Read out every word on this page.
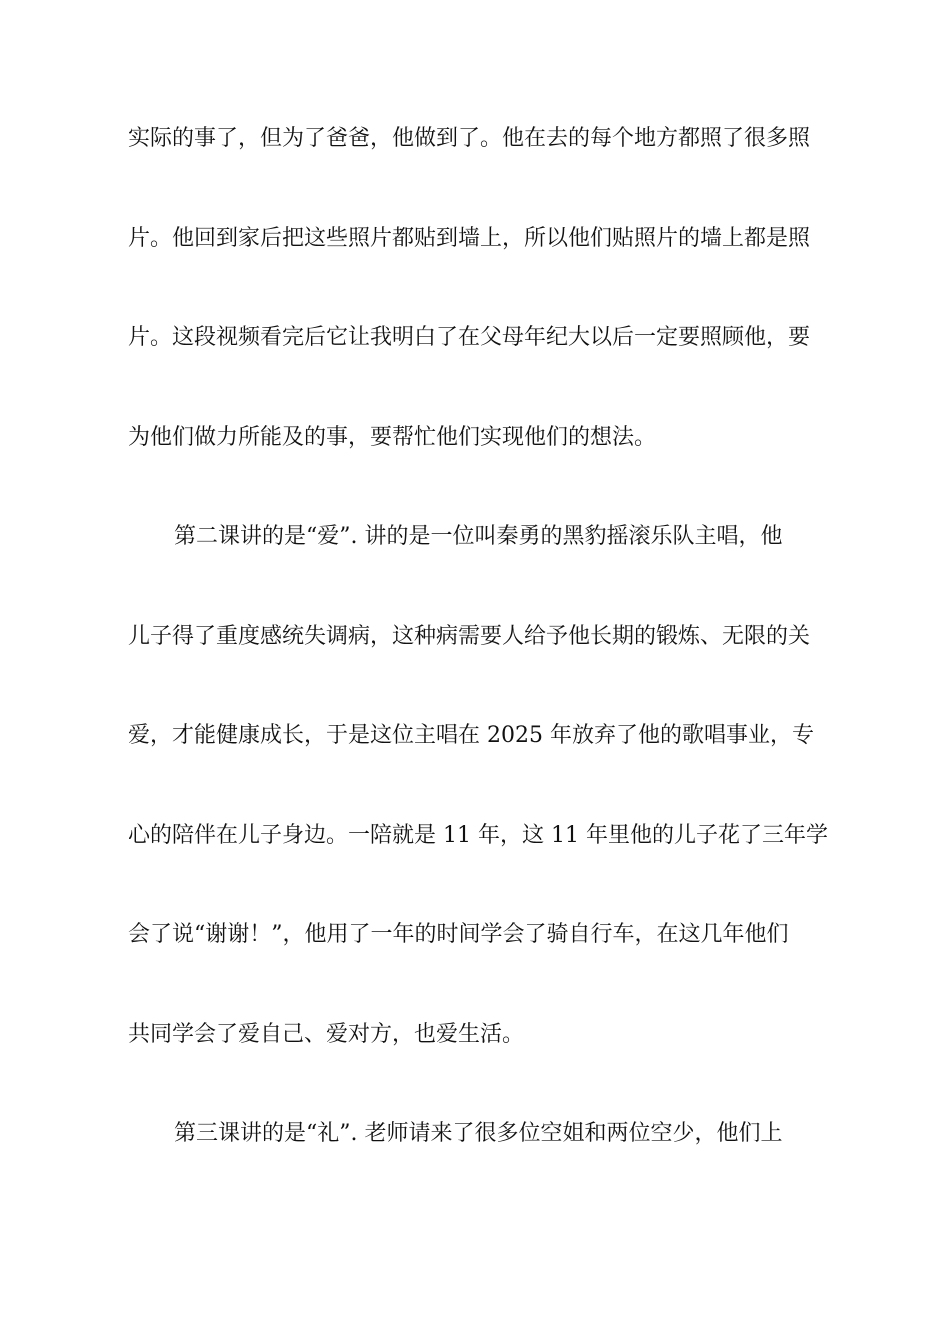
实际的事了，但为了爸爸，他做到了。他在去的每个地方都照了很多照
片。他回到家后把这些照片都贴到墙上，所以他们贴照片的墙上都是照
片。这段视频看完后它让我明白了在父母年纪大以后一定要照顾他，要
为他们做力所能及的事，要帮忙他们实现他们的想法。
第二课讲的是“爱”. 讲的是一位叫秦勇的黑豹摇滚乐队主唱，他
儿子得了重度感统失调病，这种病需要人给予他长期的锻炼、无限的关
爱，才能健康成长，于是这位主唱在 2025 年放弃了他的歌唱事业，专
心的陪伴在儿子身边。一陪就是 11 年，这 11 年里他的儿子花了三年学
会了说“谢谢！”，他用了一年的时间学会了骑自行车，在这几年他们
共同学会了爱自己、爱对方，也爱生活。
第三课讲的是“礼”. 老师请来了很多位空姐和两位空少，他们上
